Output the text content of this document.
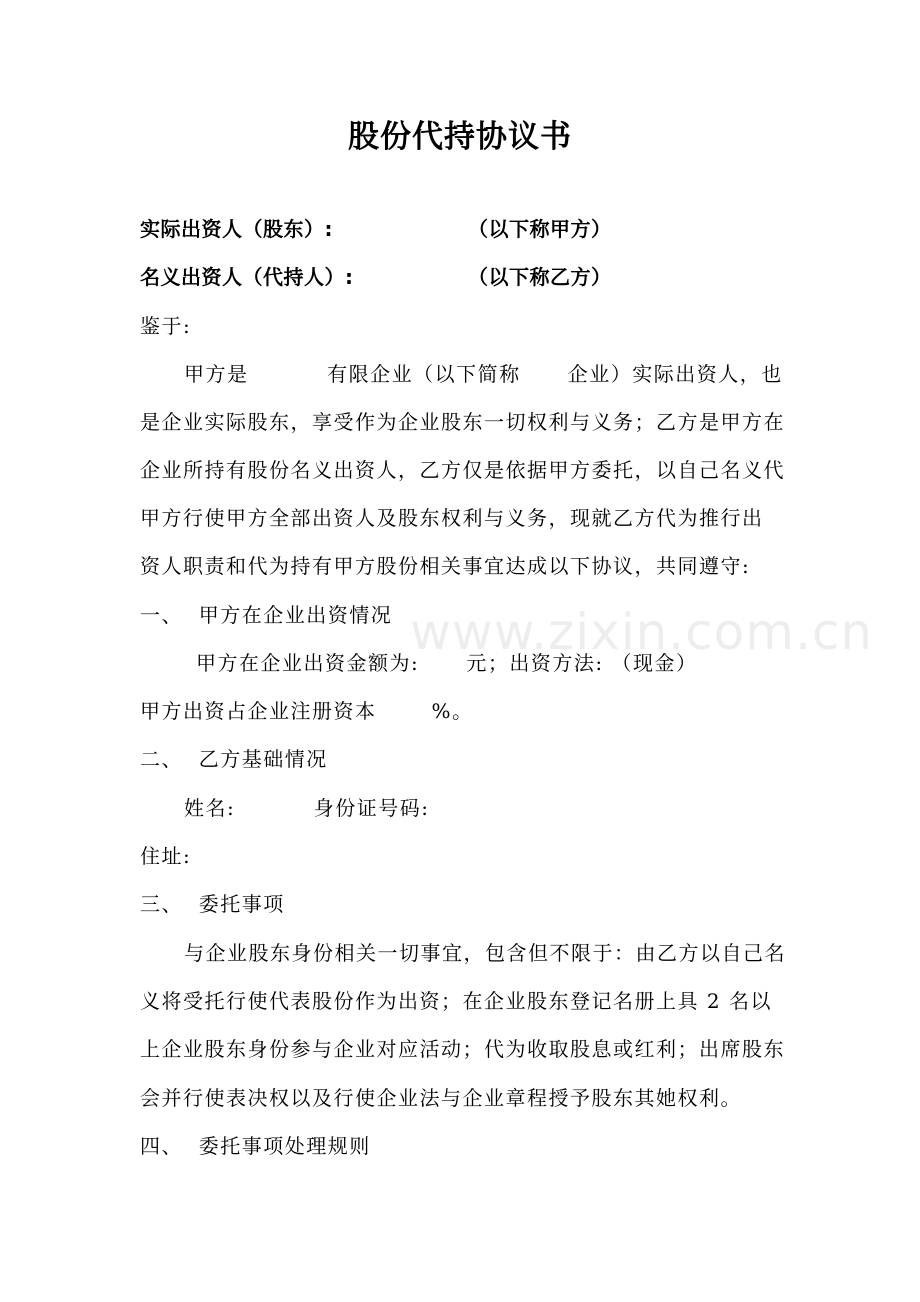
股份代持协议书
实际出资人（股东）:	（以下称甲方）
名义出资人（代持人）:	（以下称乙方）
鉴于:
甲方是          有限企业（以下简称      企业）实际出资人，也
是企业实际股东，享受作为企业股东一切权利与义务；乙方是甲方在
企业所持有股份名义出资人，乙方仅是依据甲方委托，以自己名义代
甲方行使甲方全部出资人及股东权利与义务，现就乙方代为推行出
资人职责和代为持有甲方股份相关事宜达成以下协议，共同遵守:
一、  甲方在企业出资情况
甲方在企业出资金额为:      元；出资方法: （现金）
甲方出资占企业注册资本       %。
二、  乙方基础情况
姓名:          身份证号码:
住址:
三、  委托事项
与企业股东身份相关一切事宜，包含但不限于：由乙方以自己名
义将受托行使代表股份作为出资；在企业股东登记名册上具 2 名以
上企业股东身份参与企业对应活动；代为收取股息或红利；出席股东
会并行使表决权以及行使企业法与企业章程授予股东其她权利。
四、  委托事项处理规则
www.zixin.com.cn
